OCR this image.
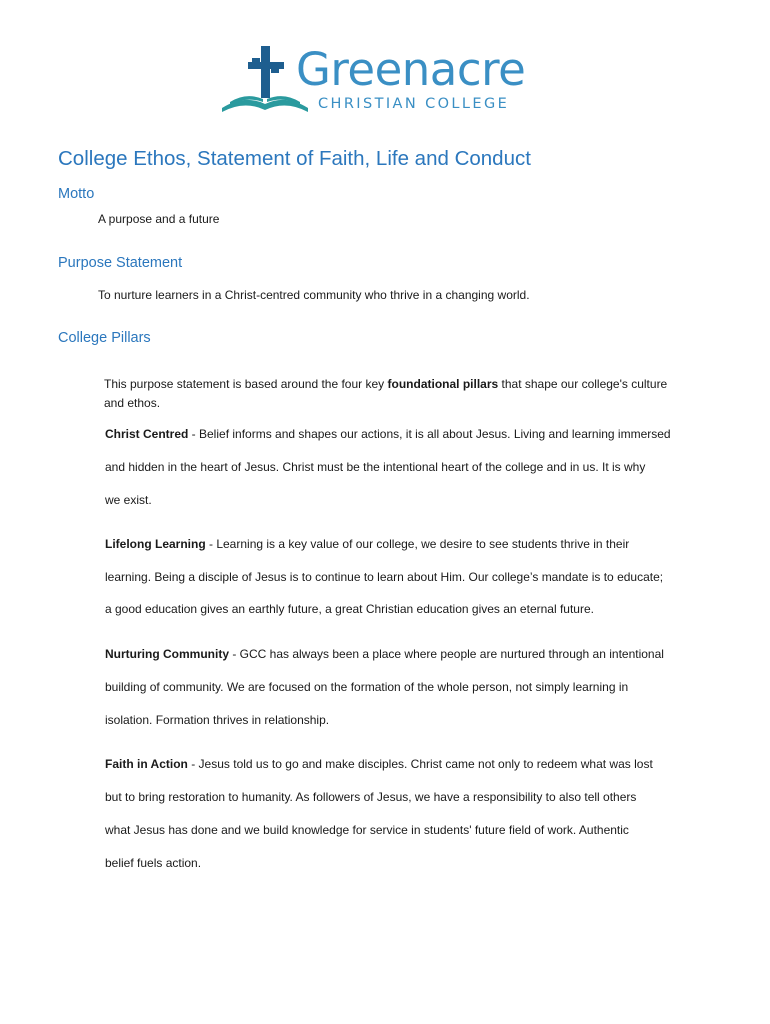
Greenacre
CHRISTIAN COLLEGE
College Ethos, Statement of Faith, Life and Conduct
Motto

A purpose and a future

Purpose Statement

To nurture learners in a Christ-centred community who thrive in a changing world.

College Pillars

This purpose statement is based around the four key foundational pillars that shape our college's culture

and ethos.

Christ Centred - Belief informs and shapes our actions, it is all about Jesus. Living and learning immersed

and hidden in the heart of Jesus. Christ must be the intentional heart of the college and in us. It is why

we exist.

Lifelong Learning - Learning is a key value of our college, we desire to see students thrive in their

learning. Being a disciple of Jesus is to continue to learn about Him. Our college’s mandate is to educate;

a good education gives an earthly future, a great Christian education gives an eternal future.

Nurturing Community - GCC has always been a place where people are nurtured through an intentional

building of community. We are focused on the formation of the whole person, not simply learning in

isolation. Formation thrives in relationship.

Faith in Action - Jesus told us to go and make disciples. Christ came not only to redeem what was lost

but to bring restoration to humanity. As followers of Jesus, we have a responsibility to also tell others

what Jesus has done and we build knowledge for service in students' future field of work. Authentic

belief fuels action.
